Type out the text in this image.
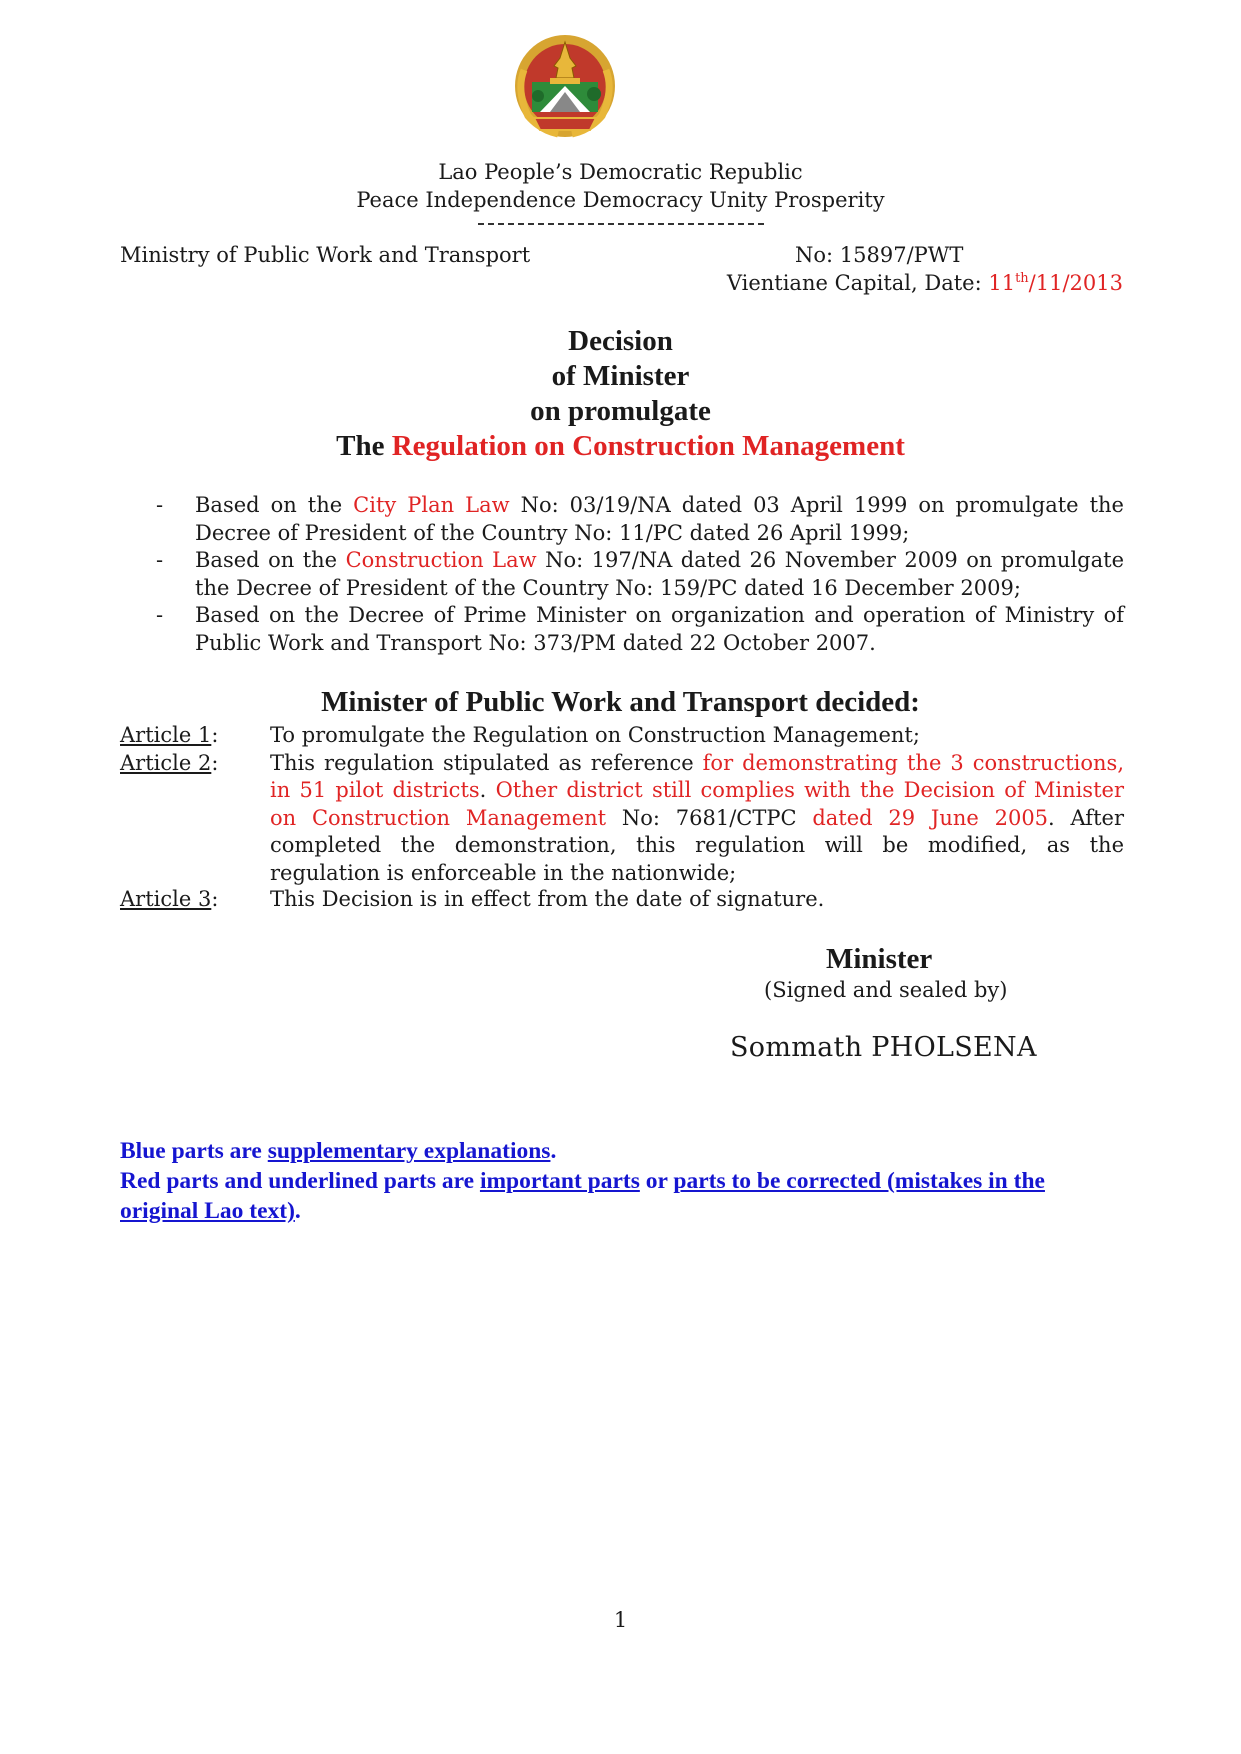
Lao People’s Democratic Republic
Peace Independence Democracy Unity Prosperity
Ministry of Public Work and Transport	No: 15897/PWT
Vientiane Capital, Date: 11th/11/2013
Decision
of Minister
on promulgate
The Regulation on Construction Management
- Based on the City Plan Law No: 03/19/NA dated 03 April 1999 on promulgate the Decree of President of the Country No: 11/PC dated 26 April 1999;
- Based on the Construction Law No: 197/NA dated 26 November 2009 on promulgate the Decree of President of the Country No: 159/PC dated 16 December 2009;
- Based on the Decree of Prime Minister on organization and operation of Ministry of Public Work and Transport No: 373/PM dated 22 October 2007.
Minister of Public Work and Transport decided:
Article 1: To promulgate the Regulation on Construction Management;
Article 2: This regulation stipulated as reference for demonstrating the 3 constructions, in 51 pilot districts. Other district still complies with the Decision of Minister on Construction Management No: 7681/CTPC dated 29 June 2005. After completed the demonstration, this regulation will be modified, as the regulation is enforceable in the nationwide;
Article 3: This Decision is in effect from the date of signature.
Minister
(Signed and sealed by)
Sommath PHOLSENA
Blue parts are supplementary explanations.
Red parts and underlined parts are important parts or parts to be corrected (mistakes in the original Lao text).
1
